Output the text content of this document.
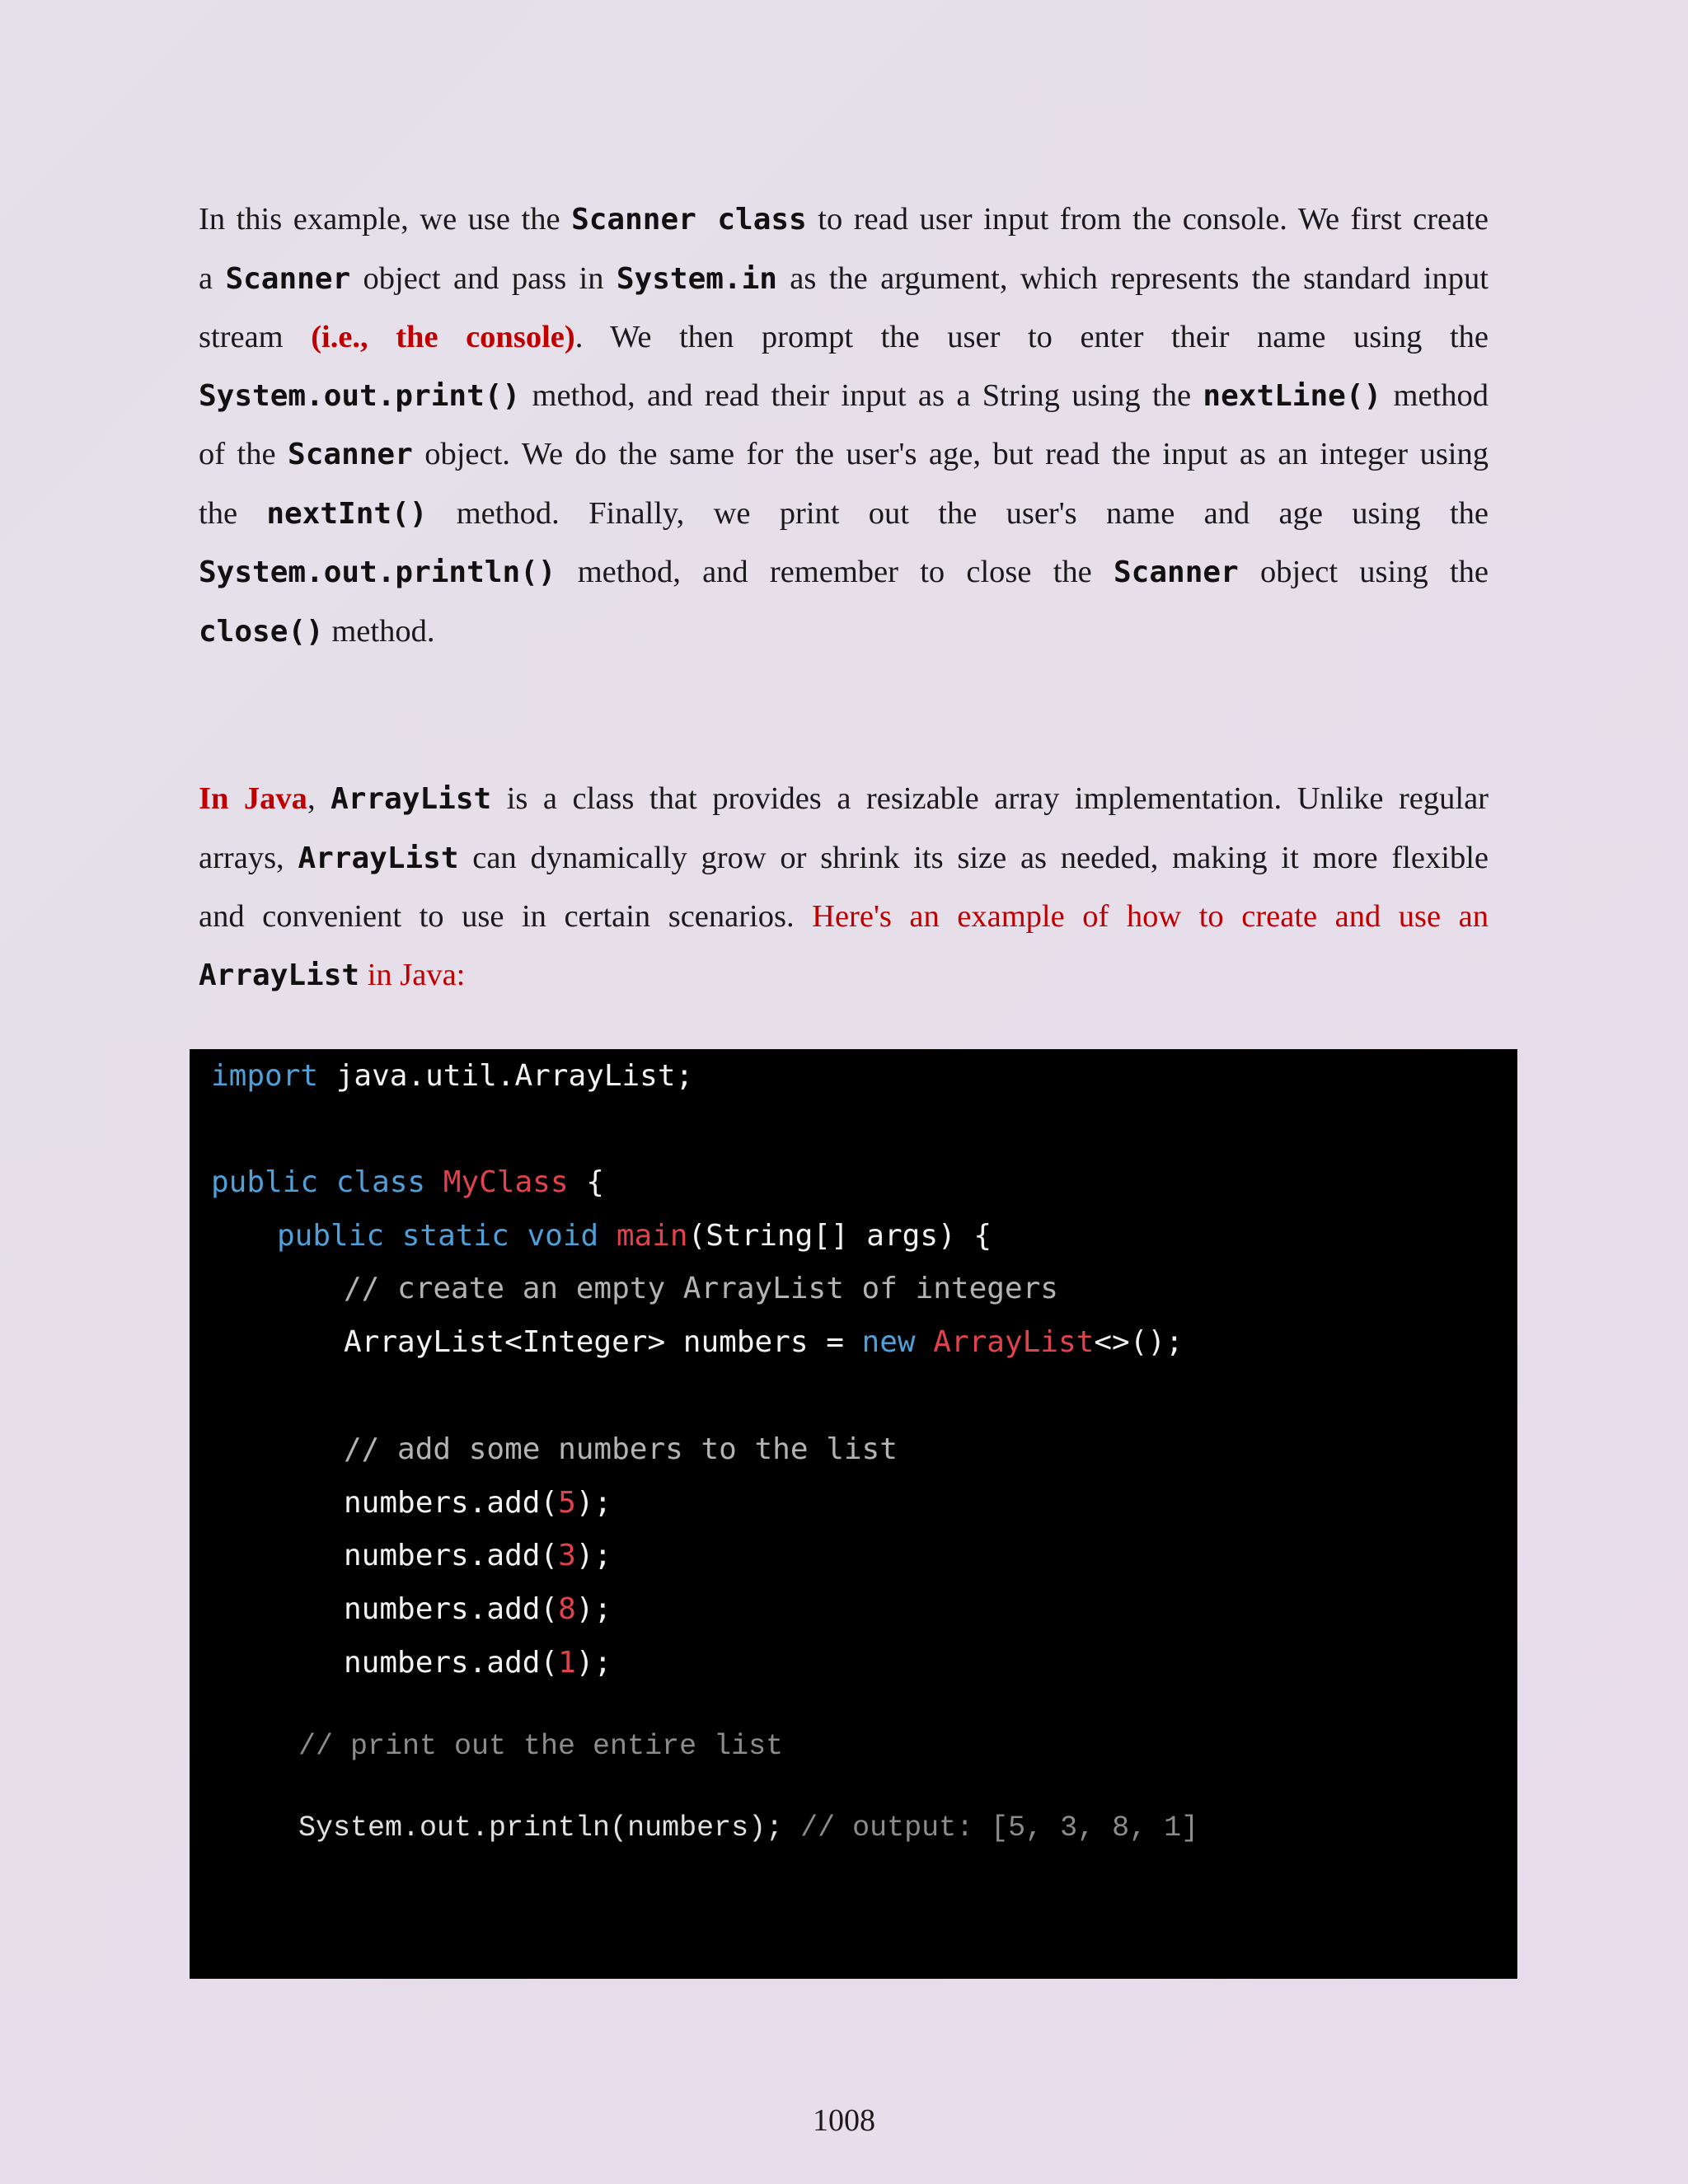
In this example, we use the Scanner class to read user input from the console. We first create
a Scanner object and pass in System.in as the argument, which represents the standard input
stream (i.e., the console). We then prompt the user to enter their name using the
System.out.print() method, and read their input as a String using the nextLine() method
of the Scanner object. We do the same for the user's age, but read the input as an integer using
the nextInt() method. Finally, we print out the user's name and age using the
System.out.println() method, and remember to close the Scanner object using the
close() method.
In Java, ArrayList is a class that provides a resizable array implementation. Unlike regular
arrays, ArrayList can dynamically grow or shrink its size as needed, making it more flexible
and convenient to use in certain scenarios. Here's an example of how to create and use an
ArrayList in Java:
import java.util.ArrayList;
public class MyClass {
public static void main(String[] args) {
// create an empty ArrayList of integers
ArrayList<Integer> numbers = new ArrayList<>();
// add some numbers to the list
numbers.add(5);
numbers.add(3);
numbers.add(8);
numbers.add(1);
// print out the entire list
System.out.println(numbers); // output: [5, 3, 8, 1]
1008
